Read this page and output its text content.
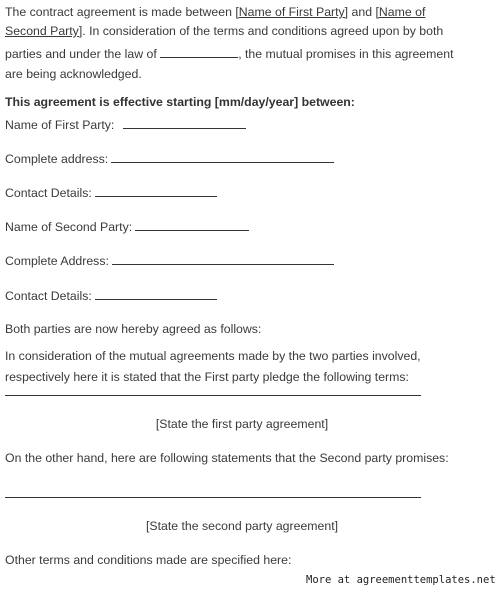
The contract agreement is made between [Name of First Party] and [Name of
Second Party]. In consideration of the terms and conditions agreed upon by both
parties and under the law of	, the mutual promises in this agreement
are being acknowledged.
This agreement is effective starting [mm/day/year] between:
Name of First Party:
Complete address:
Contact Details:
Name of Second Party:
Complete Address:
Contact Details:
Both parties are now hereby agreed as follows:
In consideration of the mutual agreements made by the two parties involved,
respectively here it is stated that the First party pledge the following terms:
[State the first party agreement]
On the other hand, here are following statements that the Second party promises:
[State the second party agreement]
Other terms and conditions made are specified here:
More at agreementtemplates.net
